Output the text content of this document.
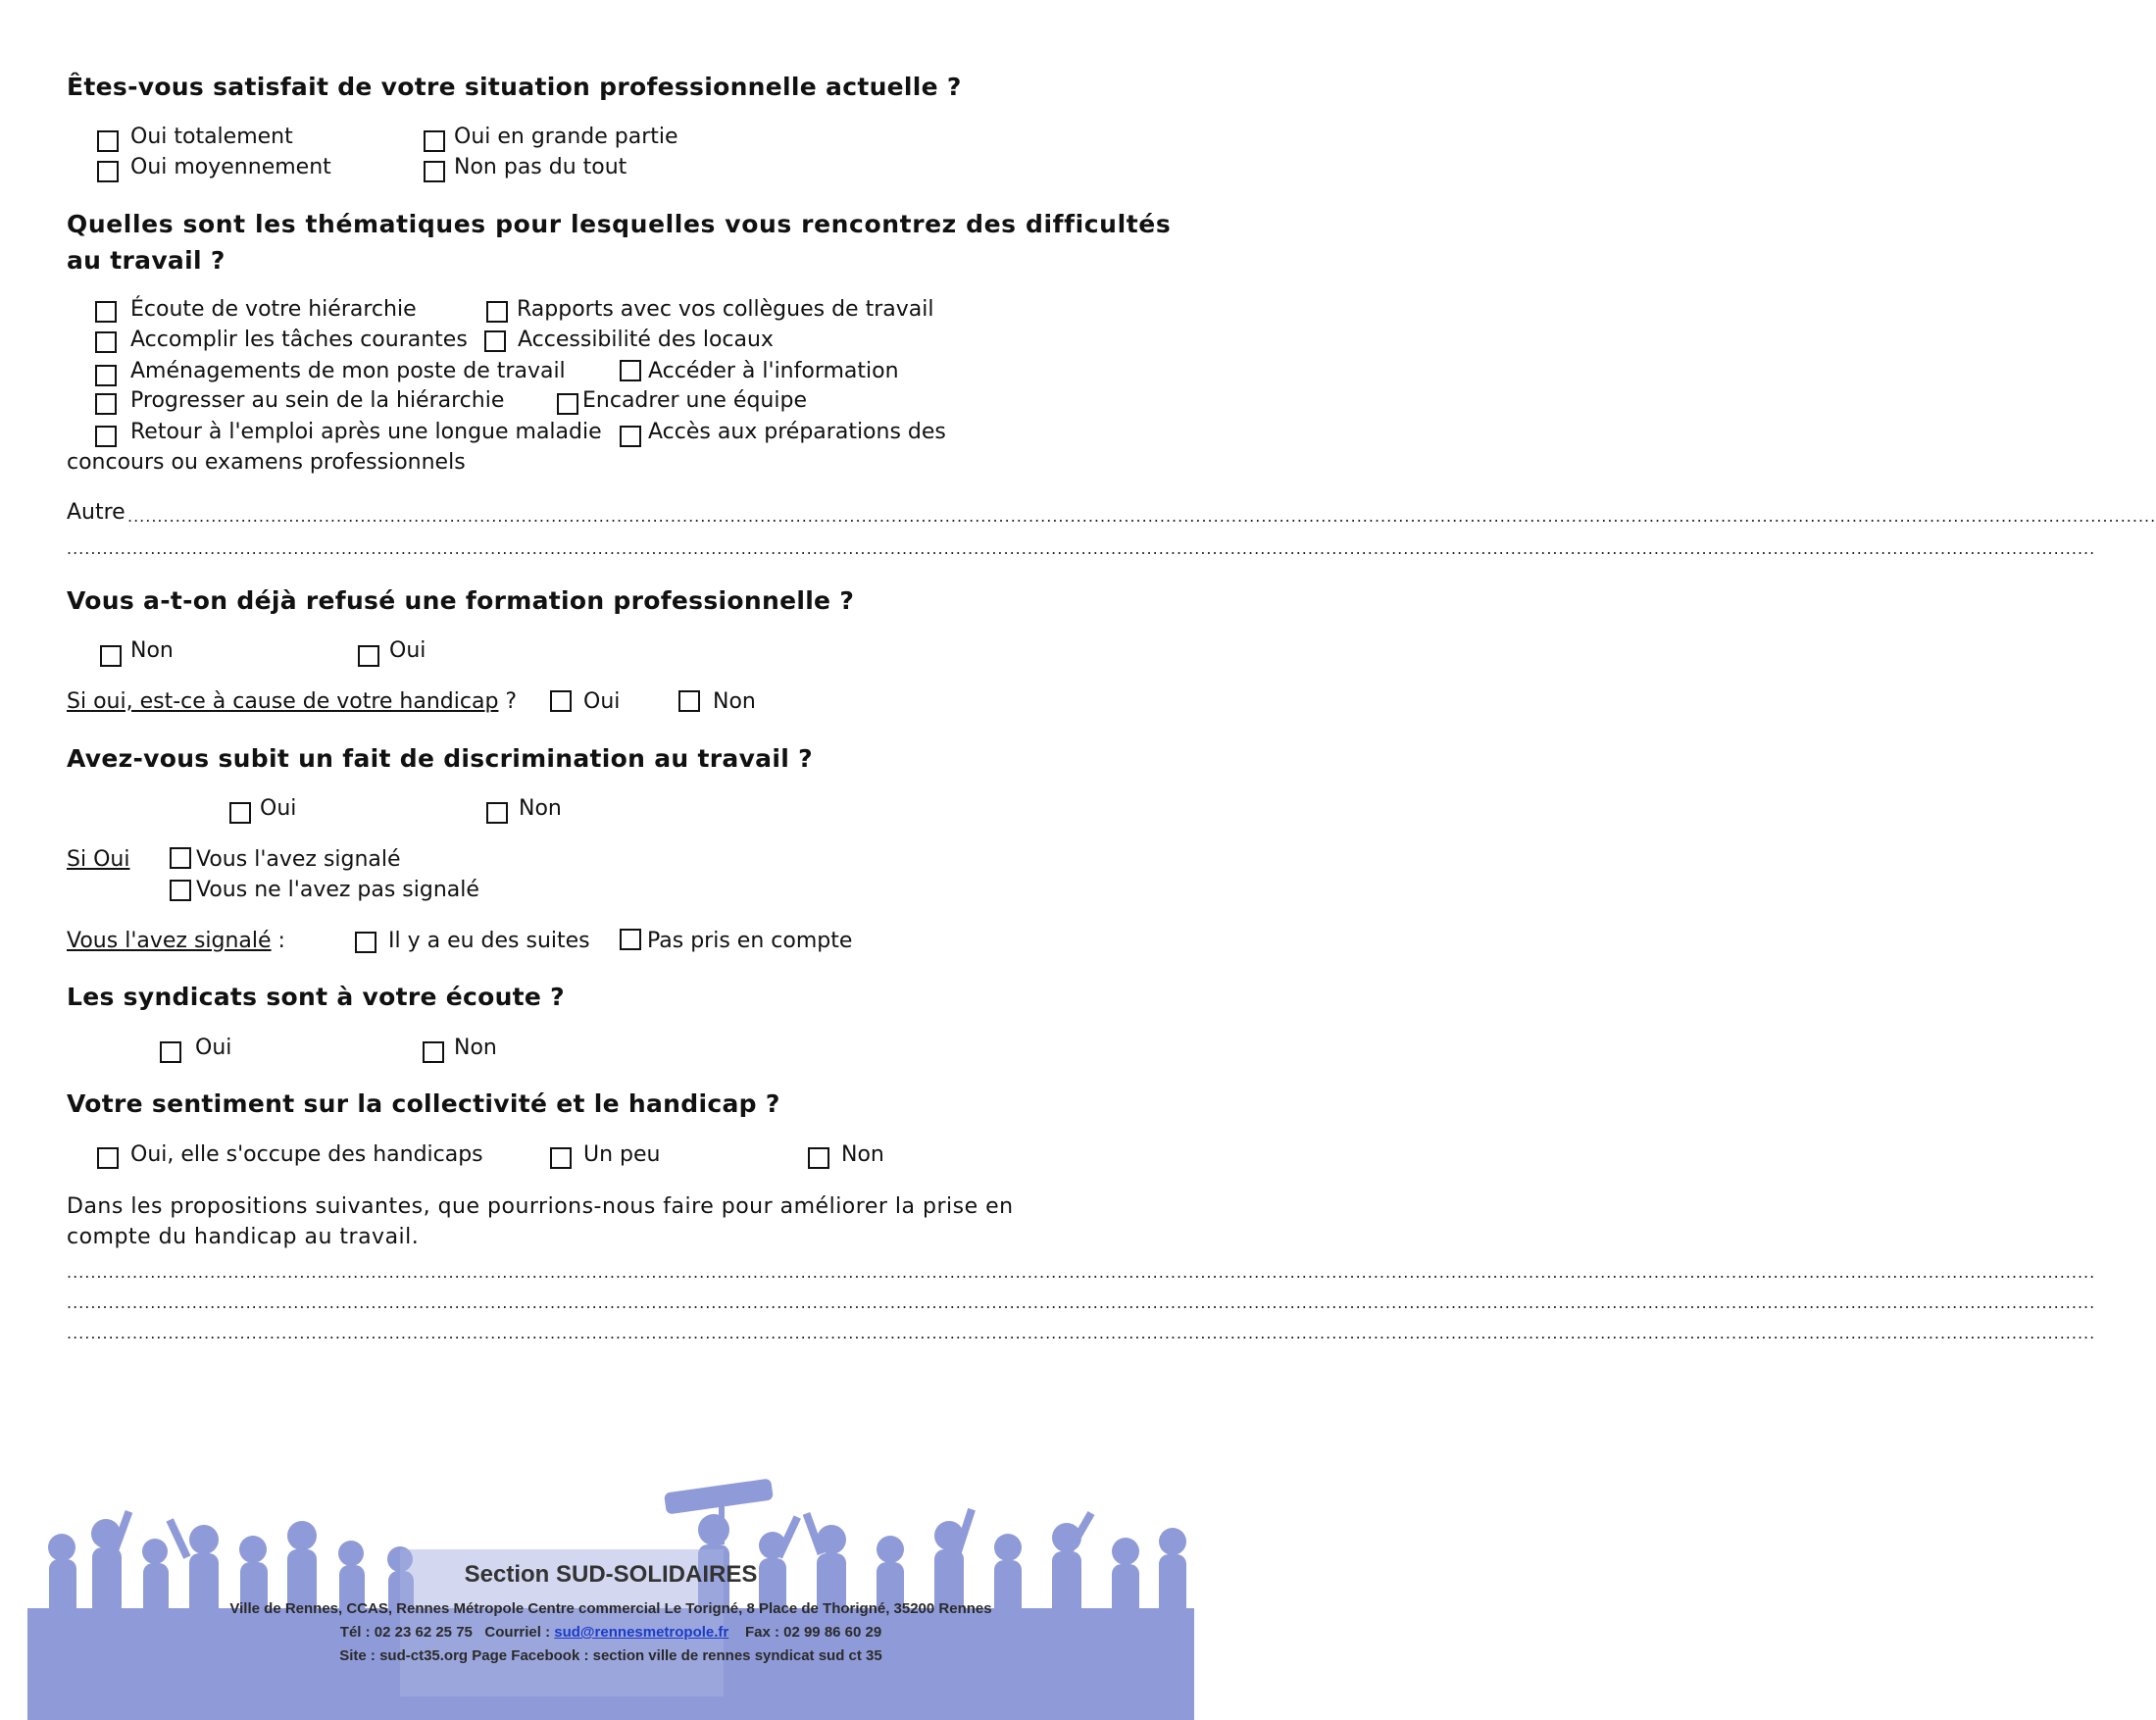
Êtes-vous satisfait de votre situation professionnelle actuelle ?
Oui totalement	Oui en grande partie
Oui moyennement	Non pas du tout
Quelles sont les thématiques pour lesquelles vous rencontrez des difficultés
au travail ?
Écoute de votre hiérarchie	Rapports avec vos collègues de travail
Accomplir les tâches courantes Accessibilité des locaux
Aménagements de mon poste de travail	Accéder à l'information
Progresser au sein de la hiérarchie	Encadrer une équipe
Retour à l'emploi après une longue maladie Accès aux préparations des
concours ou examens professionnels
Autre ....................................................................................................................................................................................................................................................................................................................................................
....................................................................................................................................................................................................................................................................................................................................................
Vous a-t-on déjà refusé une formation professionnelle ?
Non	Oui
Si oui, est-ce à cause de votre handicap ?	Oui	Non
Avez-vous subit un fait de discrimination au travail ?
Oui	Non
Si Oui	Vous l'avez signalé
Vous ne l'avez pas signalé
Vous l'avez signalé :	Il y a eu des suites	Pas pris en compte
Les syndicats sont à votre écoute ?
Oui	Non
Votre sentiment sur la collectivité et le handicap ?
Oui, elle s'occupe des handicaps	Un peu	Non
Dans les propositions suivantes, que pourrions-nous faire pour améliorer la prise en
compte du handicap au travail.
....................................................................................................................................................................................................................................................................................................................................................
....................................................................................................................................................................................................................................................................................................................................................
....................................................................................................................................................................................................................................................................................................................................................
Section SUD-SOLIDAIRES
Ville de Rennes, CCAS, Rennes Métropole Centre commercial Le Torigné, 8 Place de Thorigné, 35200 Rennes
Tél : 02 23 62 25 75 Courriel : sud@rennesmetropole.fr Fax : 02 99 86 60 29
Site : sud-ct35.org Page Facebook : section ville de rennes syndicat sud ct 35
